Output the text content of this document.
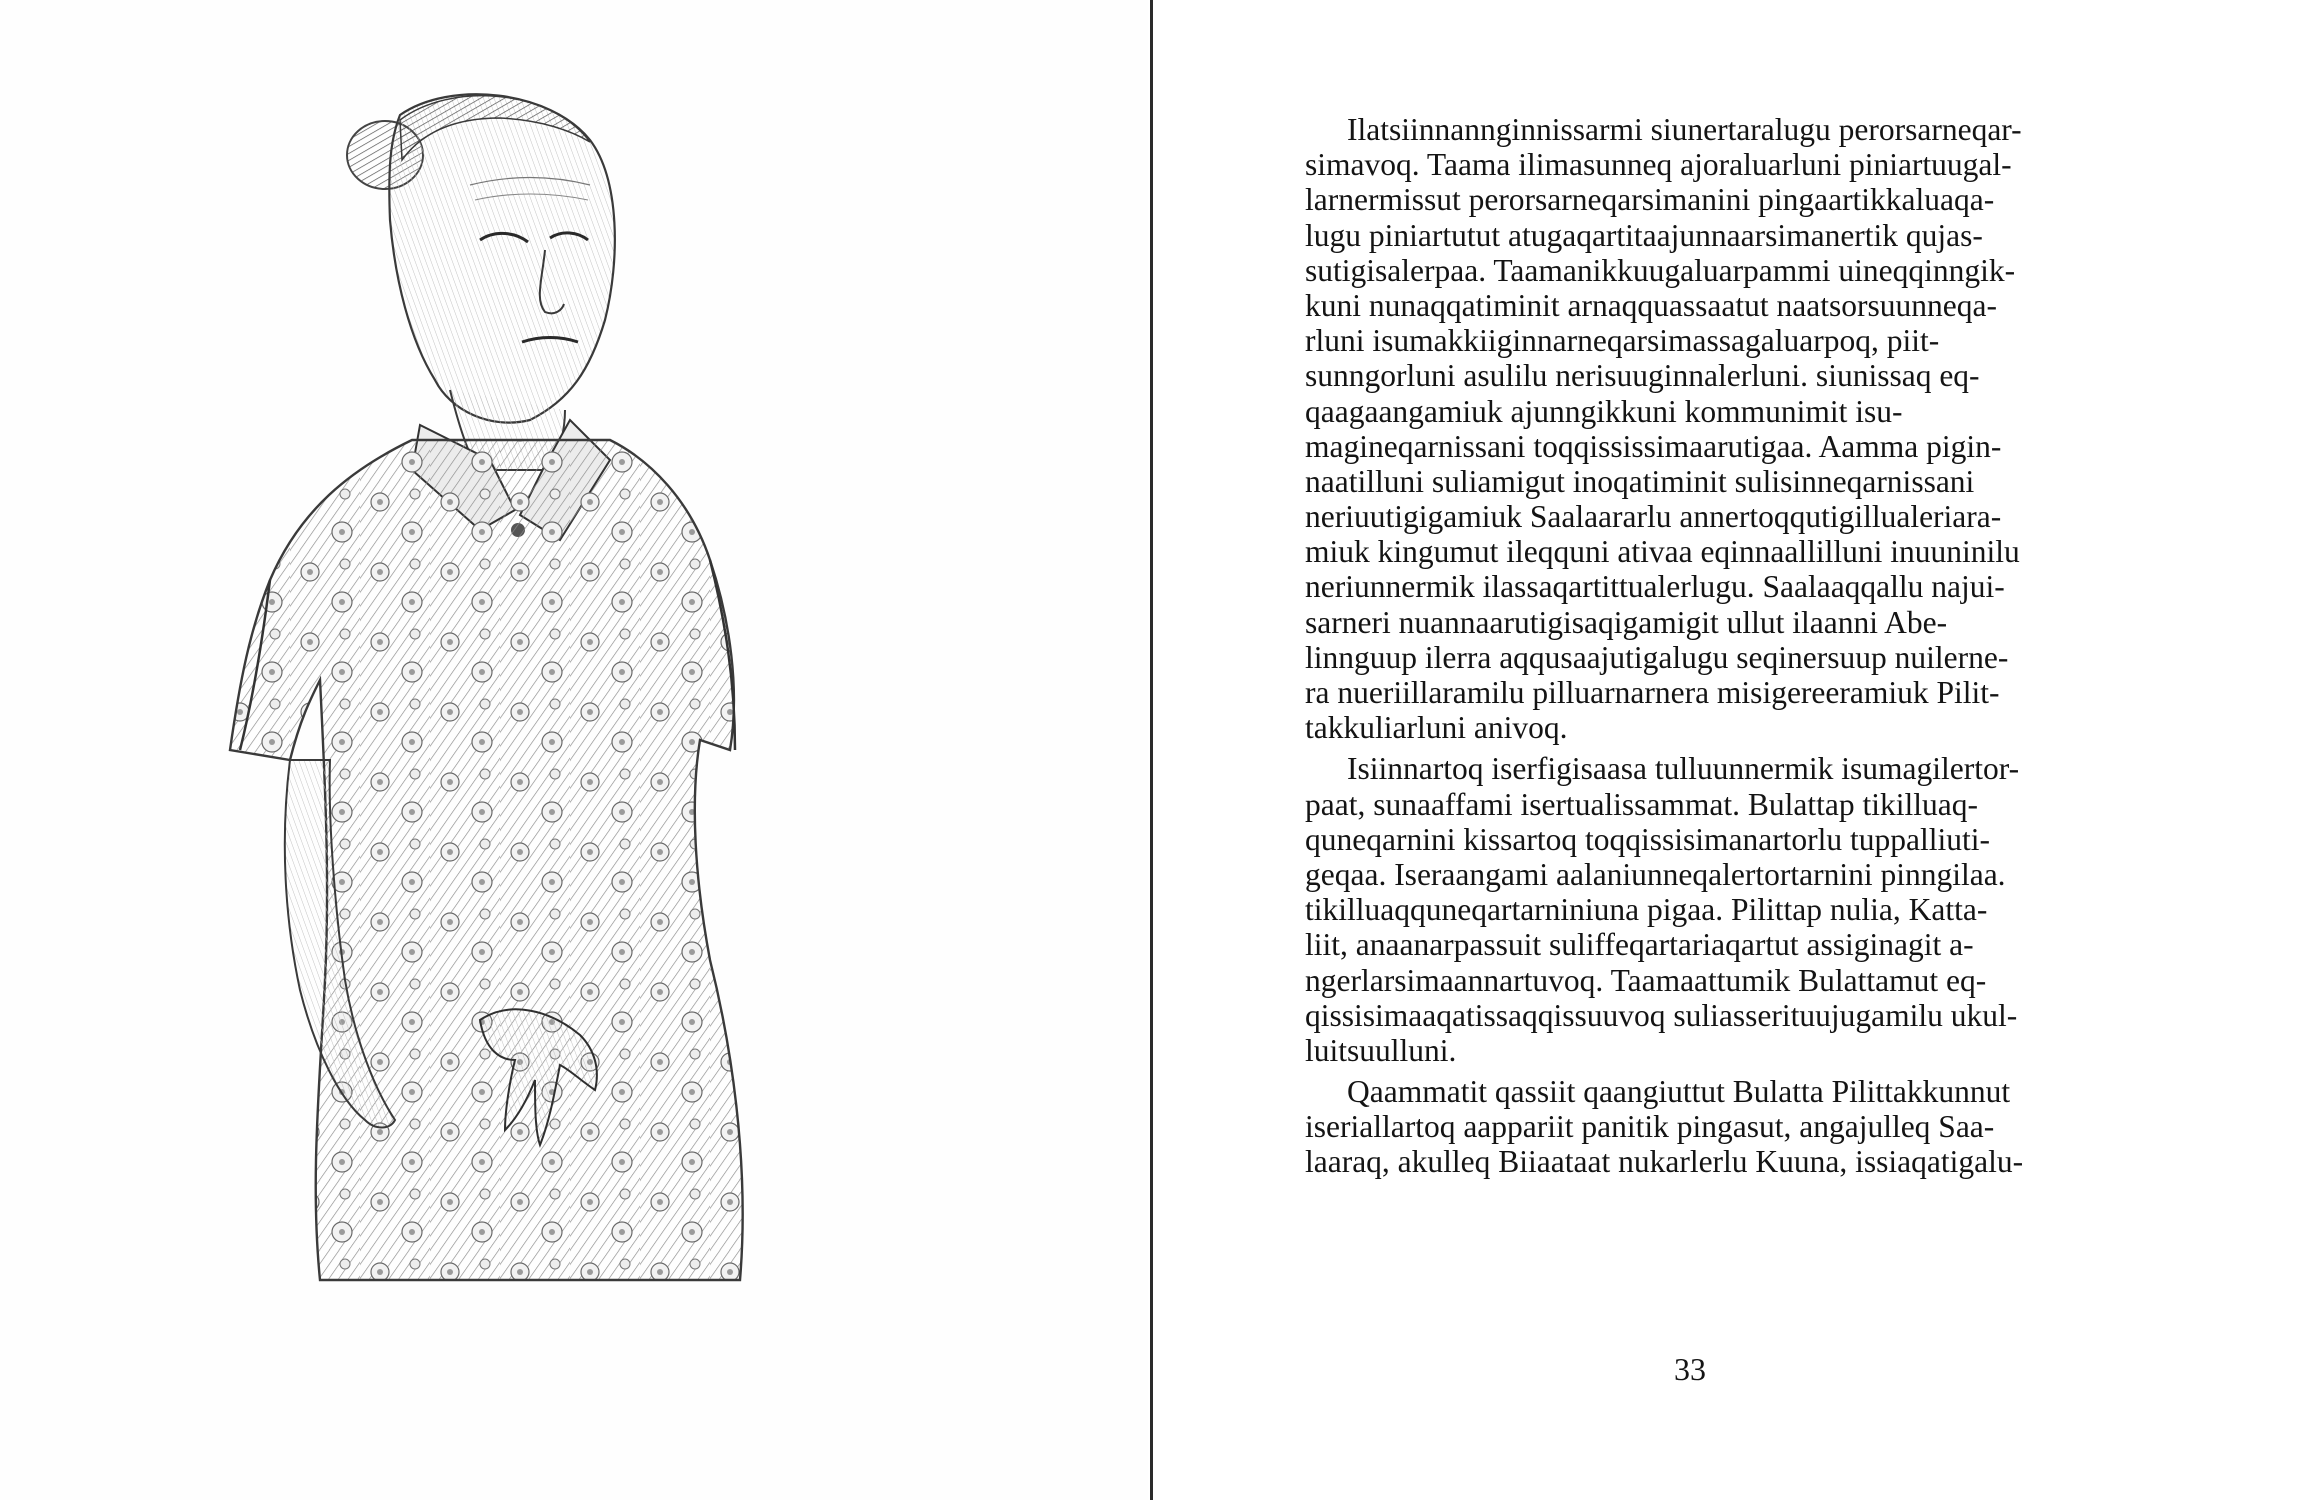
Ilatsiinnannginnissarmi siunertaralugu perorsarneqar-
simavoq. Taama ilimasunneq ajoraluarluni piniartuugal-
larnermissut perorsarneqarsimanini pingaartikkaluaqa-
lugu piniartutut atugaqartitaajunnaarsimanertik qujas-
sutigisalerpaa. Taamanikkuugaluarpammi uineqqinngik-
kuni nunaqqatiminit arnaqquassaatut naatsorsuunneqa-
rluni isumakkiiginnarneqarsimassagaluarpoq, piit-
sunngorluni asulilu nerisuuginnalerluni. siunissaq eq-
qaagaangamiuk ajunngikkuni kommunimit isu-
magineqarnissani toqqississimaarutigaa. Aamma pigin-
naatilluni suliamigut inoqatiminit sulisinneqarnissani
neriuutigigamiuk Saalaararlu annertoqqutigillualeriara-
miuk kingumut ileqquni ativaa eqinnaallilluni inuuninilu
neriunnermik ilassaqartittualerlugu. Saalaaqqallu najui-
sarneri nuannaarutigisaqigamigit ullut ilaanni Abe-
linnguup ilerra aqqusaajutigalugu seqinersuup nuilerne-
ra nueriillaramilu pilluarnarnera misigereeramiuk Pilit-
takkuliarluni anivoq.
Isiinnartoq iserfigisaasa tulluunnermik isumagilertor-
paat, sunaaffami isertualissammat. Bulattap tikilluaq-
quneqarnini kissartoq toqqissisimanartorlu tuppalliuti-
geqaa. Iseraangami aalaniunneqalertortarnini pinngilaa.
tikilluaqquneqartarniniuna pigaa. Pilittap nulia, Katta-
liit, anaanarpassuit suliffeqartariaqartut assiginagit a-
ngerlarsimaannartuvoq. Taamaattumik Bulattamut eq-
qissisimaaqatissaqqissuuvoq suliasserituujugamilu ukul-
luitsuulluni.
Qaammatit qassiit qaangiuttut Bulatta Pilittakkunnut
iseriallartoq aappariit panitik pingasut, angajulleq Saa-
laaraq, akulleq Biiaataat nukarlerlu Kuuna, issiaqatigalu-
33
